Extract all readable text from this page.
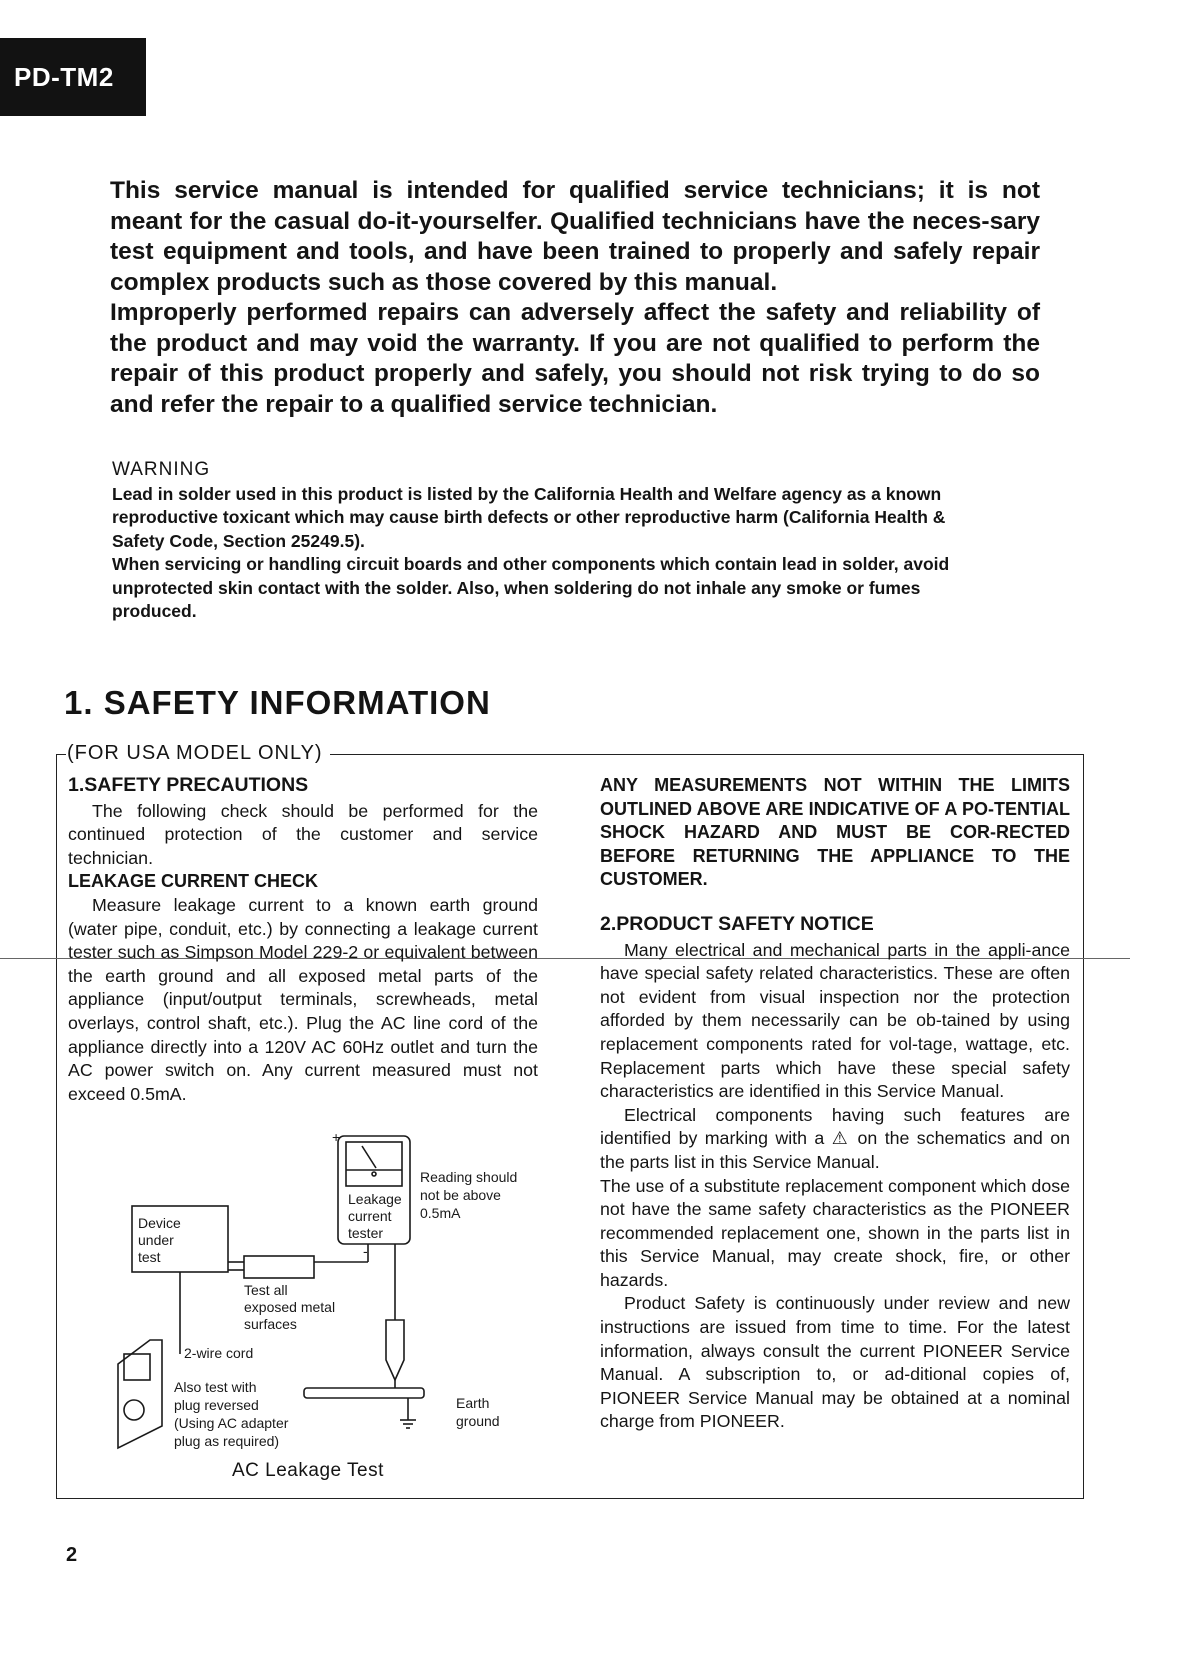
PD-TM2

This service manual is intended for qualified service technicians; it is not meant for the casual do-it-yourselfer. Qualified technicians have the neces-sary test equipment and tools, and have been trained to properly and safely repair complex products such as those covered by this manual.

Improperly performed repairs can adversely affect the safety and reliability of the product and may void the warranty. If you are not qualified to perform the repair of this product properly and safely, you should not risk trying to do so and refer the repair to a qualified service technician.

WARNING

Lead in solder used in this product is listed by the California Health and Welfare agency as a known reproductive toxicant which may cause birth defects or other reproductive harm (California Health & Safety Code, Section 25249.5).

When servicing or handling circuit boards and other components which contain lead in solder, avoid unprotected skin contact with the solder. Also, when soldering do not inhale any smoke or fumes produced.

1. SAFETY INFORMATION
(FOR USA MODEL ONLY)
1.SAFETY PRECAUTIONS

The following check should be performed for the continued protection of the customer and service technician.

LEAKAGE CURRENT CHECK

Measure leakage current to a known earth ground (water pipe, conduit, etc.) by connecting a leakage current tester such as Simpson Model 229-2 or equivalent between the earth ground and all exposed metal parts of the appliance (input/output terminals, screwheads, metal overlays, control shaft, etc.). Plug the AC line cord of the appliance directly into a 120V AC 60Hz outlet and turn the AC power switch on. Any current measured must not exceed 0.5mA.

+
-
Device
under
test
Leakage
current
tester
Reading should
not be above
0.5mA
Test all
exposed metal
surfaces
2-wire cord
Also test with
plug reversed
(Using AC adapter
plug as required)
Earth
ground
AC Leakage Test

ANY MEASUREMENTS NOT WITHIN THE LIMITS OUTLINED ABOVE ARE INDICATIVE OF A PO-TENTIAL SHOCK HAZARD AND MUST BE COR-RECTED BEFORE RETURNING THE APPLIANCE TO THE CUSTOMER.

2.PRODUCT SAFETY NOTICE

Many electrical and mechanical parts in the appli-ance have special safety related characteristics. These are often not evident from visual inspection nor the protection afforded by them necessarily can be ob-tained by using replacement components rated for vol-tage, wattage, etc. Replacement parts which have these special safety characteristics are identified in this Service Manual.

Electrical components having such features are identified by marking with a ⚠ on the schematics and on the parts list in this Service Manual.

The use of a substitute replacement component which dose not have the same safety characteristics as the PIONEER recommended replacement one, shown in the parts list in this Service Manual, may create shock, fire, or other hazards.

Product Safety is continuously under review and new instructions are issued from time to time. For the latest information, always consult the current PIONEER Service Manual. A subscription to, or ad-ditional copies of, PIONEER Service Manual may be obtained at a nominal charge from PIONEER.

2
